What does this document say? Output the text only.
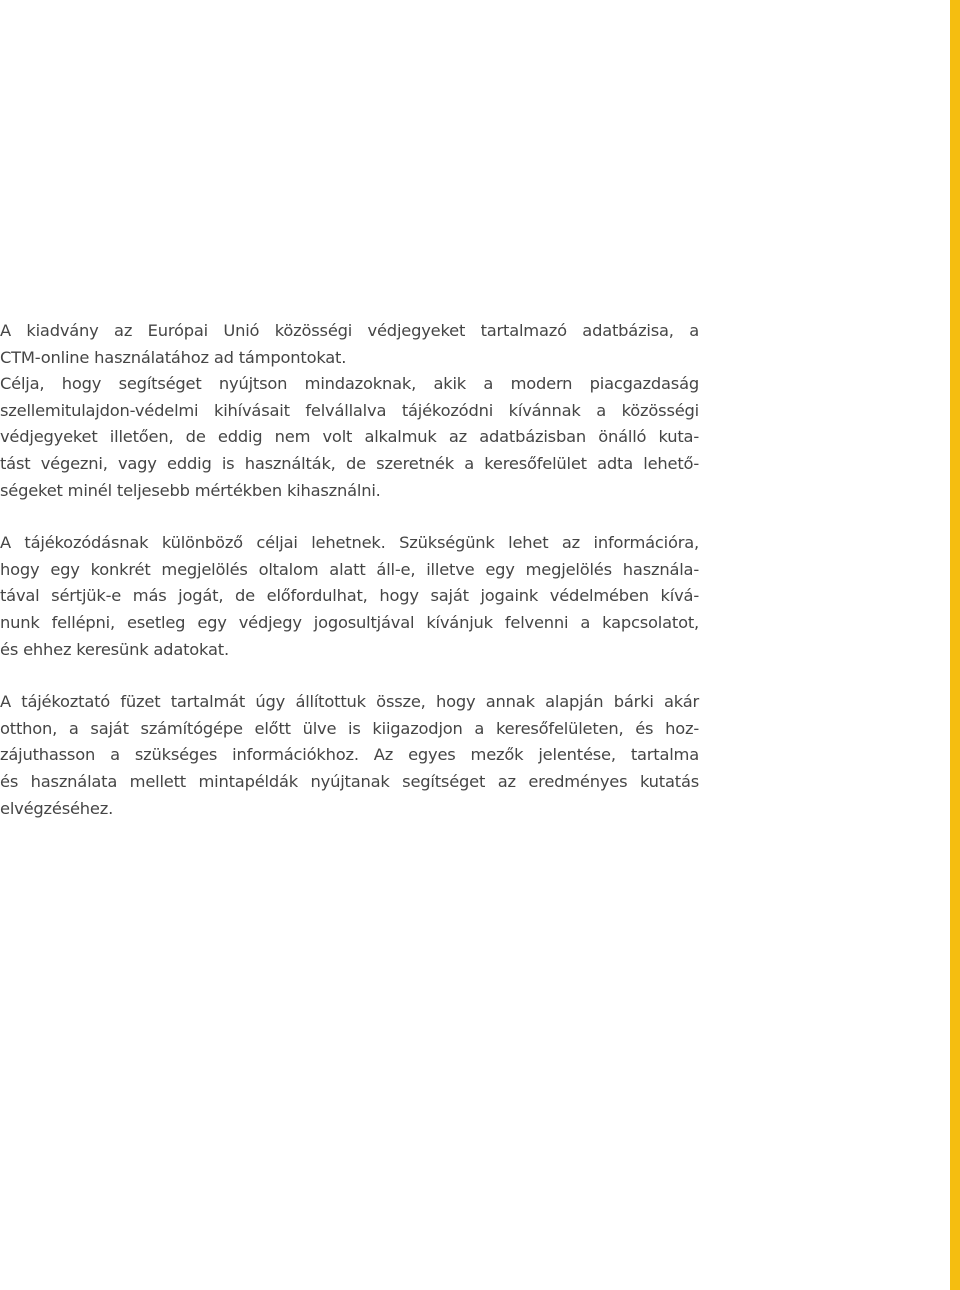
A kiadvány az Európai Unió közösségi védjegyeket tartalmazó adatbázisa, a
CTM-online használatához ad támpontokat.

Célja, hogy segítséget nyújtson mindazoknak, akik a modern piacgazdaság
szellemitulajdon-védelmi kihívásait felvállalva tájékozódni kívánnak a közösségi
védjegyeket illetően, de eddig nem volt alkalmuk az adatbázisban önálló kuta-
tást végezni, vagy eddig is használták, de szeretnék a keresőfelület adta lehető-
ségeket minél teljesebb mértékben kihasználni.

A tájékozódásnak különböző céljai lehetnek. Szükségünk lehet az információra,
hogy egy konkrét megjelölés oltalom alatt áll-e, illetve egy megjelölés használa-
tával sértjük-e más jogát, de előfordulhat, hogy saját jogaink védelmében kívá-
nunk fellépni, esetleg egy védjegy jogosultjával kívánjuk felvenni a kapcsolatot,
és ehhez keresünk adatokat.

A tájékoztató füzet tartalmát úgy állítottuk össze, hogy annak alapján bárki akár
otthon, a saját számítógépe előtt ülve is kiigazodjon a keresőfelületen, és hoz-
zájuthasson a szükséges információkhoz. Az egyes mezők jelentése, tartalma
és használata mellett mintapéldák nyújtanak segítséget az eredményes kutatás
elvégzéséhez.
